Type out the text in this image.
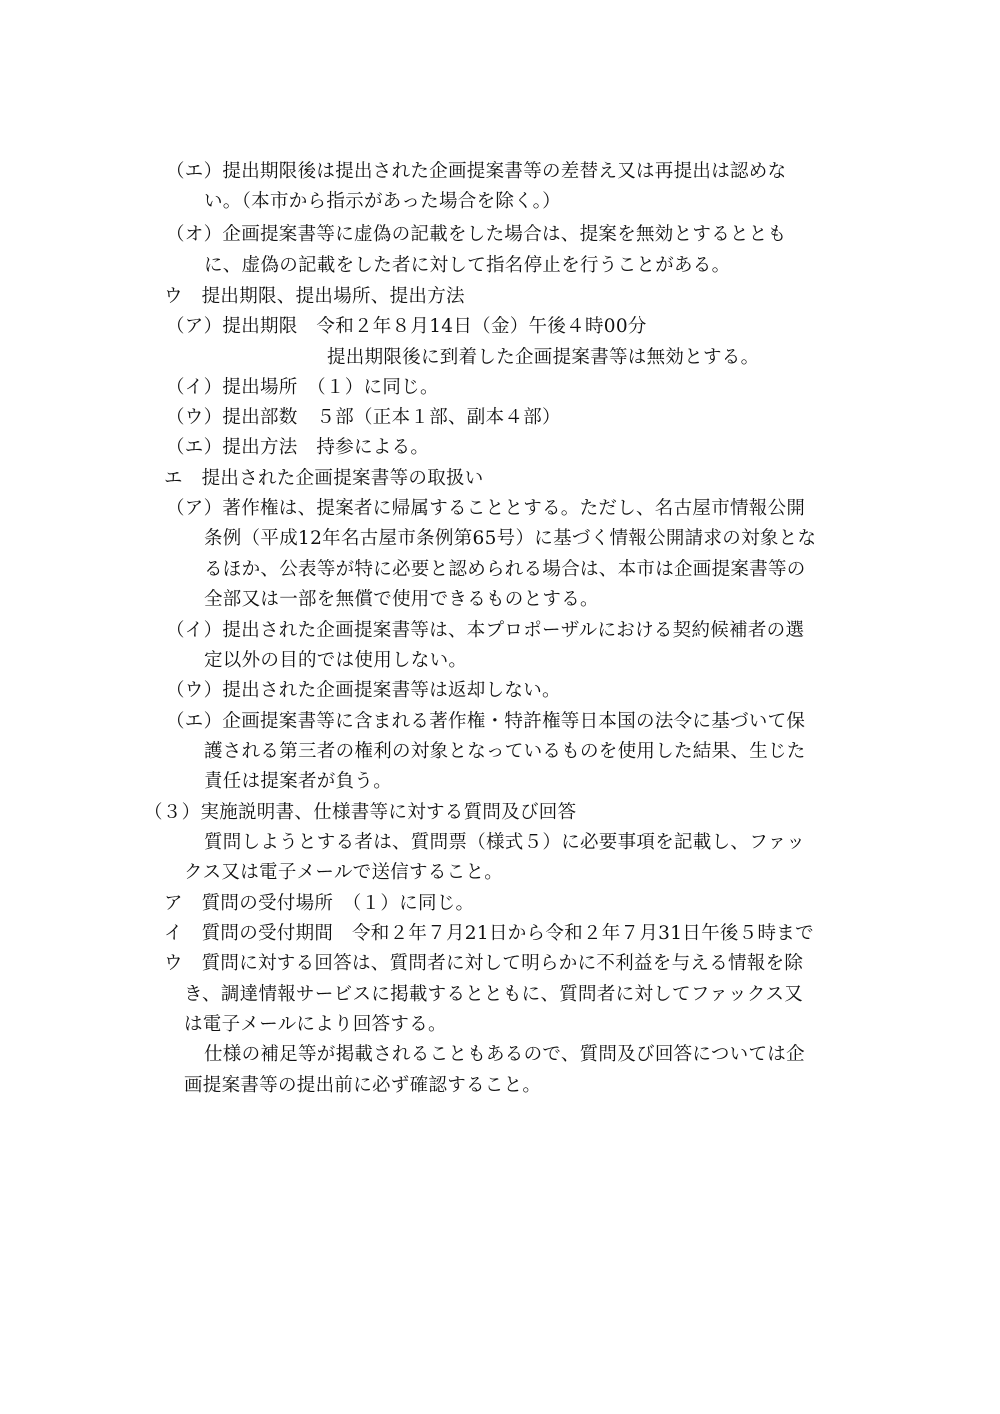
（エ）提出期限後は提出された企画提案書等の差替え又は再提出は認めな
い。（本市から指示があった場合を除く。）
（オ）企画提案書等に虚偽の記載をした場合は、提案を無効とするととも
に、虚偽の記載をした者に対して指名停止を行うことがある。
ウ　提出期限、提出場所、提出方法
（ア）提出期限　令和２年８月14日（金）午後４時00分
提出期限後に到着した企画提案書等は無効とする。
（イ）提出場所　（１）に同じ。
（ウ）提出部数　５部（正本１部、副本４部）
（エ）提出方法　持参による。
エ　提出された企画提案書等の取扱い
（ア）著作権は、提案者に帰属することとする。ただし、名古屋市情報公開
条例（平成12年名古屋市条例第65号）に基づく情報公開請求の対象とな
るほか、公表等が特に必要と認められる場合は、本市は企画提案書等の
全部又は一部を無償で使用できるものとする。
（イ）提出された企画提案書等は、本プロポーザルにおける契約候補者の選
定以外の目的では使用しない。
（ウ）提出された企画提案書等は返却しない。
（エ）企画提案書等に含まれる著作権・特許権等日本国の法令に基づいて保
護される第三者の権利の対象となっているものを使用した結果、生じた
責任は提案者が負う。
（３）実施説明書、仕様書等に対する質問及び回答
質問しようとする者は、質問票（様式５）に必要事項を記載し、ファッ
クス又は電子メールで送信すること。
ア　質問の受付場所　（１）に同じ。
イ　質問の受付期間　令和２年７月21日から令和２年７月31日午後５時まで
ウ　質問に対する回答は、質問者に対して明らかに不利益を与える情報を除
き、調達情報サービスに掲載するとともに、質問者に対してファックス又
は電子メールにより回答する。
仕様の補足等が掲載されることもあるので、質問及び回答については企
画提案書等の提出前に必ず確認すること。
